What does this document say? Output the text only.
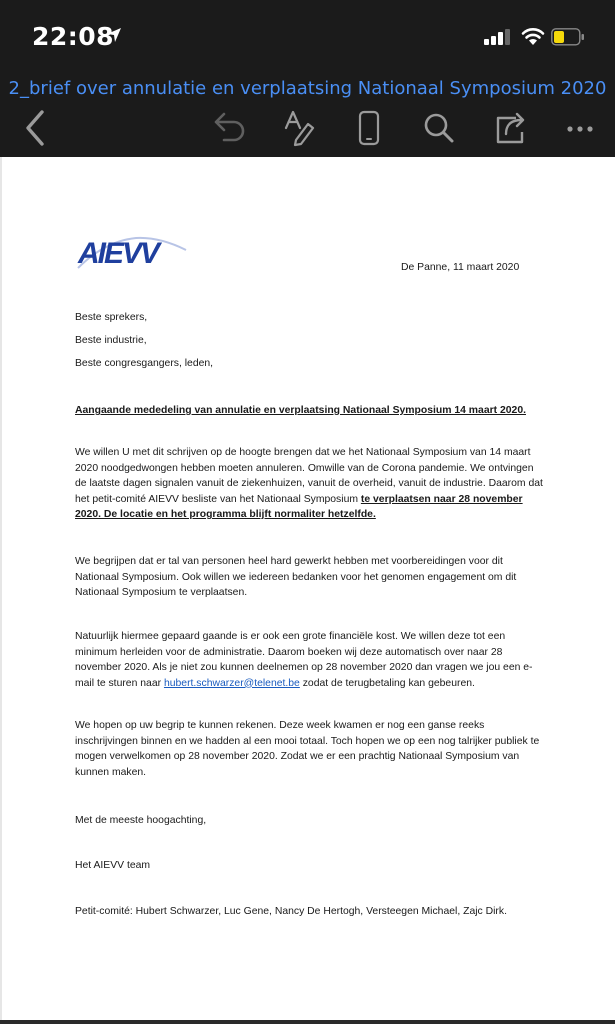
22:08
2_brief over annulatie en verplaatsing Nationaal Symposium 2020
AIEVV	De Panne, 11 maart 2020

Beste sprekers,

Beste industrie,

Beste congresgangers, leden,

Aangaande mededeling van annulatie en verplaatsing Nationaal Symposium 14 maart 2020.

We willen U met dit schrijven op de hoogte brengen dat we het Nationaal Symposium van 14 maart 2020 noodgedwongen hebben moeten annuleren. Omwille van de Corona pandemie. We ontvingen de laatste dagen signalen vanuit de ziekenhuizen, vanuit de overheid, vanuit de industrie. Daarom dat het petit-comité AIEVV besliste van het Nationaal Symposium te verplaatsen naar 28 november 2020. De locatie en het programma blijft normaliter hetzelfde.

We begrijpen dat er tal van personen heel hard gewerkt hebben met voorbereidingen voor dit Nationaal Symposium. Ook willen we iedereen bedanken voor het genomen engagement om dit Nationaal Symposium te verplaatsen.

Natuurlijk hiermee gepaard gaande is er ook een grote financiële kost. We willen deze tot een minimum herleiden voor de administratie. Daarom boeken wij deze automatisch over naar 28 november 2020. Als je niet zou kunnen deelnemen op 28 november 2020 dan vragen we jou een e-mail te sturen naar hubert.schwarzer@telenet.be zodat de terugbetaling kan gebeuren.

We hopen op uw begrip te kunnen rekenen. Deze week kwamen er nog een ganse reeks inschrijvingen binnen en we hadden al een mooi totaal. Toch hopen we op een nog talrijker publiek te mogen verwelkomen op 28 november 2020. Zodat we er een prachtig Nationaal Symposium van kunnen maken.

Met de meeste hoogachting,

Het AIEVV team

Petit-comité: Hubert Schwarzer, Luc Gene, Nancy De Hertogh, Versteegen Michael, Zajc Dirk.
